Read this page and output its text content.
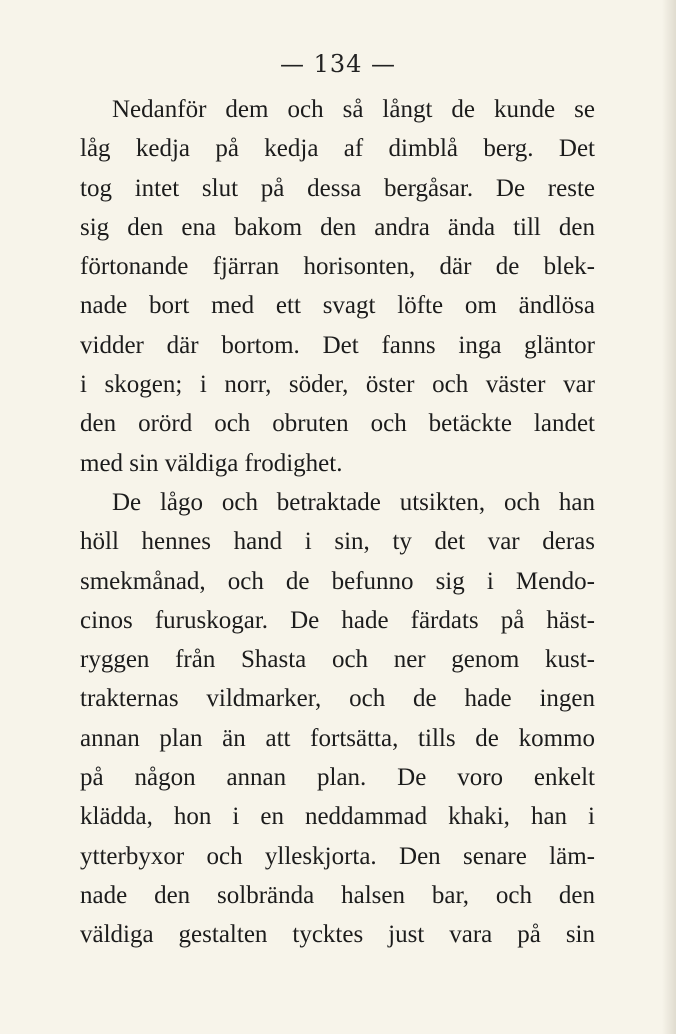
— 134 —
Nedanför dem och så långt de kunde se
låg kedja på kedja af dimblå berg. Det
tog intet slut på dessa bergåsar. De reste
sig den ena bakom den andra ända till den
förtonande fjärran horisonten, där de blek-
nade bort med ett svagt löfte om ändlösa
vidder där bortom. Det fanns inga gläntor
i skogen; i norr, söder, öster och väster var
den orörd och obruten och betäckte landet
med sin väldiga frodighet.
De lågo och betraktade utsikten, och han
höll hennes hand i sin, ty det var deras
smekmånad, och de befunno sig i Mendo-
cinos furuskogar. De hade färdats på häst-
ryggen från Shasta och ner genom kust-
trakternas vildmarker, och de hade ingen
annan plan än att fortsätta, tills de kommo
på någon annan plan. De voro enkelt
klädda, hon i en neddammad khaki, han i
ytterbyxor och ylleskjorta. Den senare läm-
nade den solbrända halsen bar, och den
väldiga gestalten tycktes just vara på sin
